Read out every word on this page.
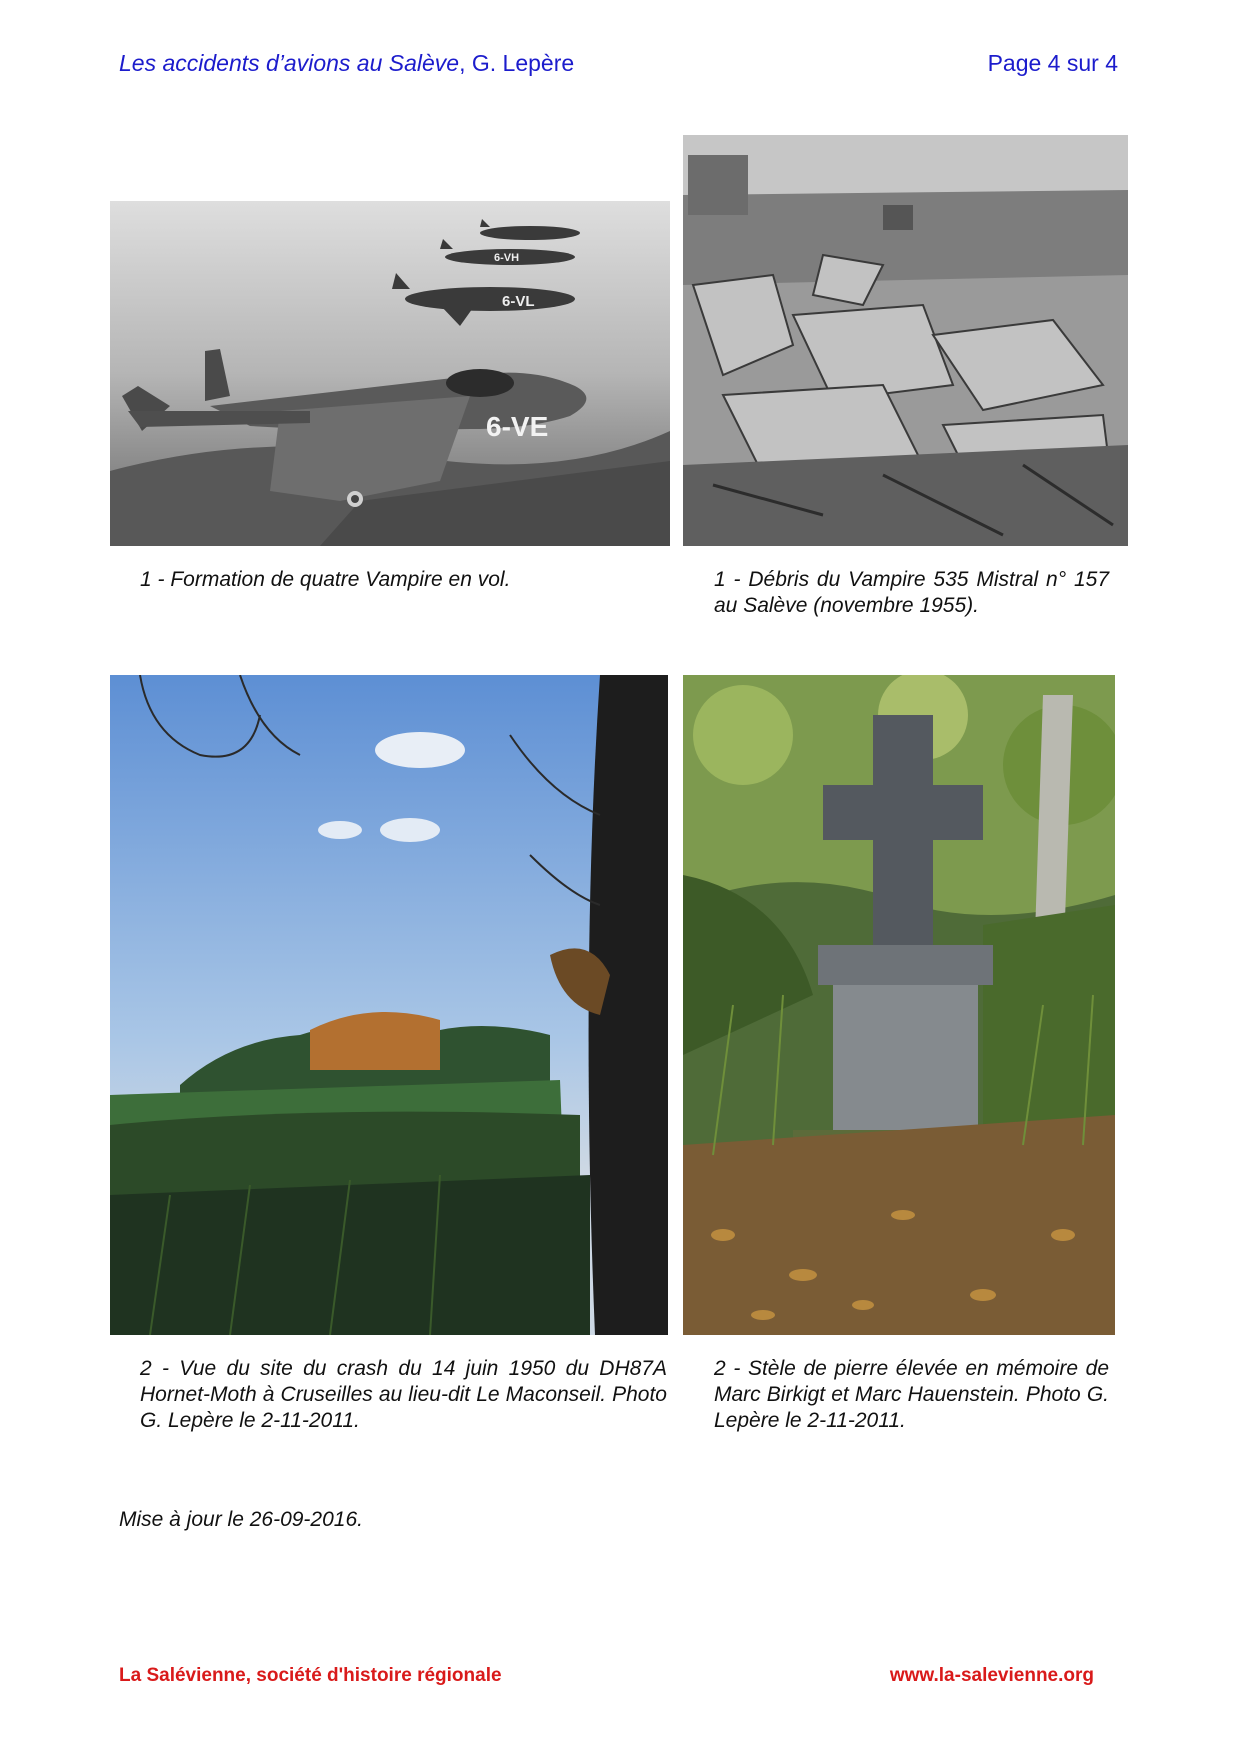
Les accidents d’avions au Salève, G. Lepère	Page 4 sur 4
6-VH
6-VL
6-VE
1 - Formation de quatre Vampire en vol.	1 - Débris du Vampire 535 Mistral n° 157 au Salève (novembre 1955).
2 - Vue du site du crash du 14 juin 1950 du DH87A Hornet-Moth à Cruseilles au lieu-dit Le Maconseil. Photo G. Lepère le 2-11-2011.
2 - Stèle de pierre élevée en mémoire de Marc Birkigt et Marc Hauenstein. Photo G. Lepère le 2-11-2011.
Mise à jour le 26-09-2016.
La Salévienne, société d'histoire régionale	www.la-salevienne.org
